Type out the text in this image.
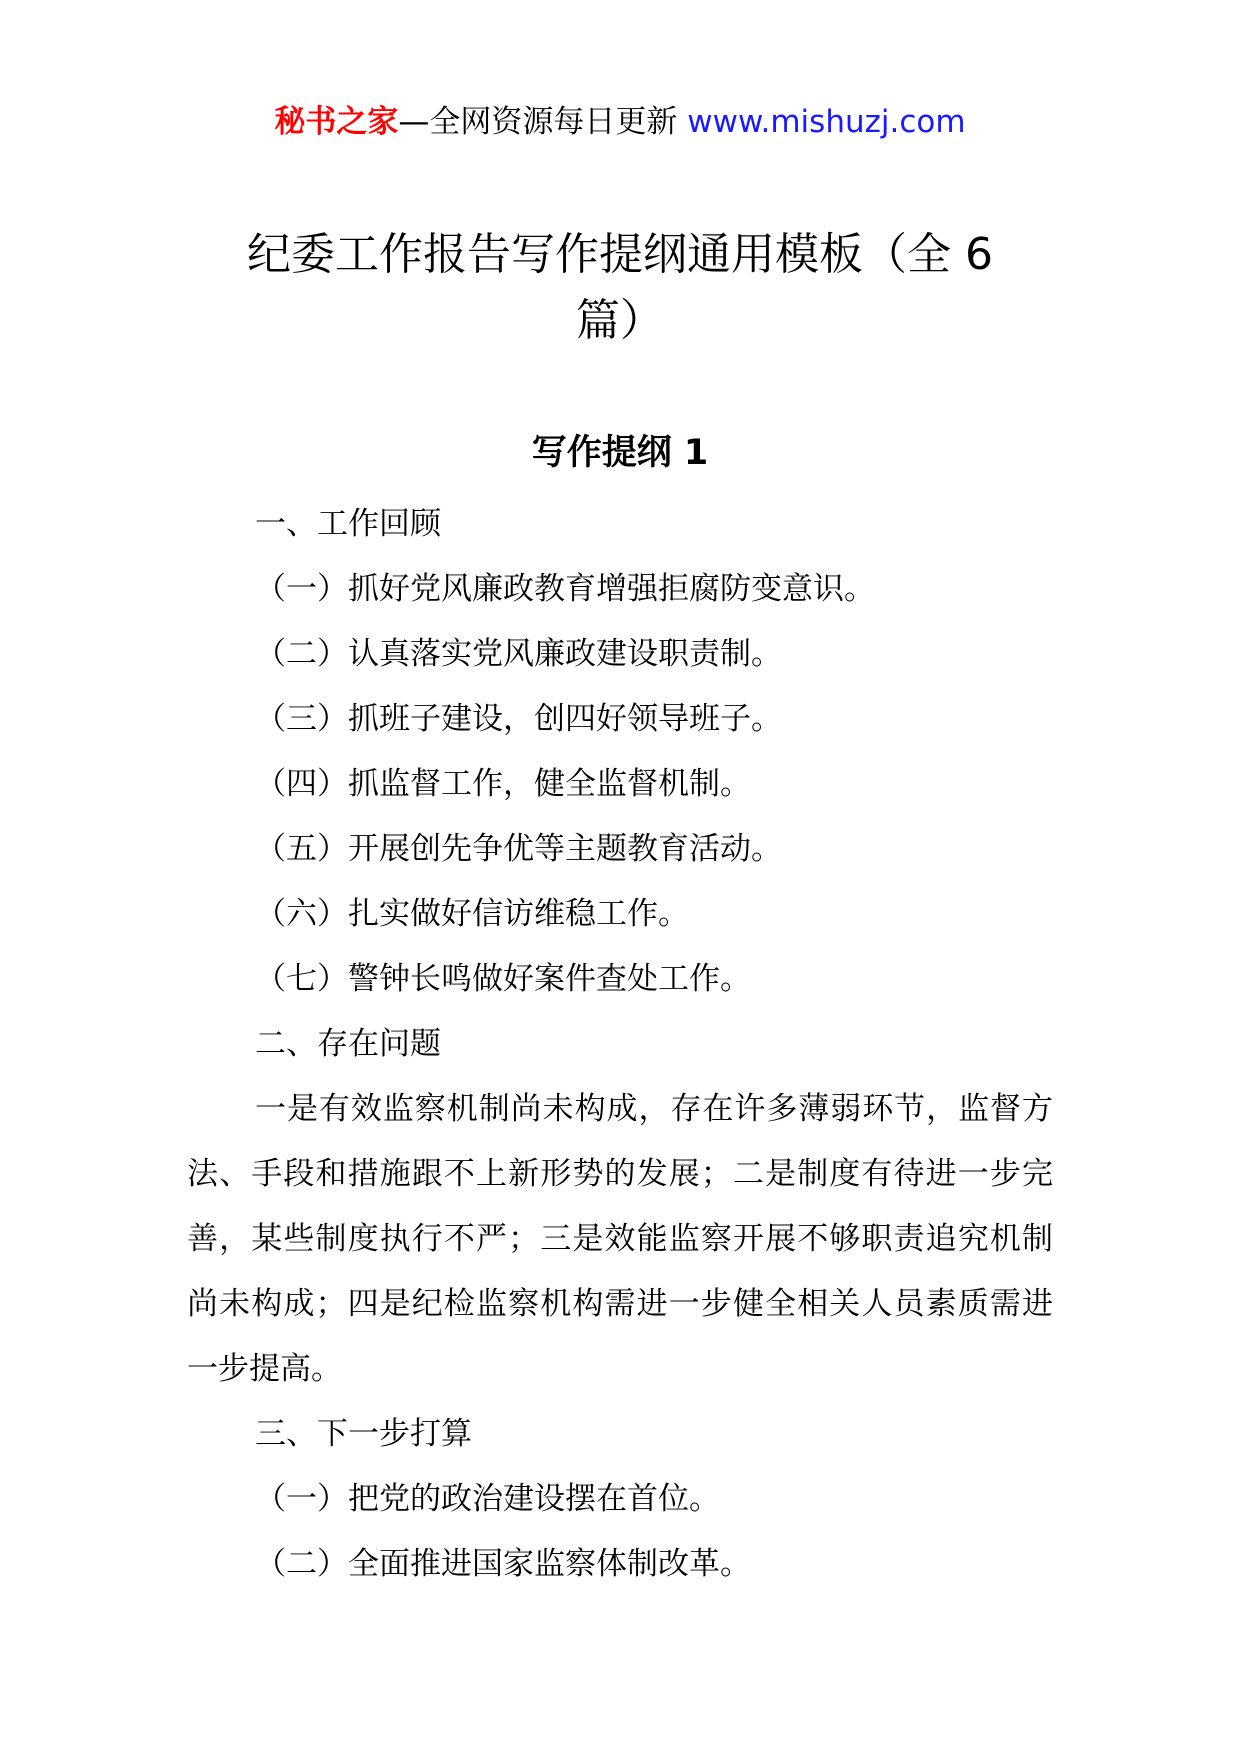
秘书之家—全网资源每日更新 www.mishuzj.com
纪委工作报告写作提纲通用模板（全 6
篇）
写作提纲 1

一、工作回顾

（一）抓好党风廉政教育增强拒腐防变意识。

（二）认真落实党风廉政建设职责制。

（三）抓班子建设，创四好领导班子。

（四）抓监督工作，健全监督机制。

（五）开展创先争优等主题教育活动。

（六）扎实做好信访维稳工作。

（七）警钟长鸣做好案件查处工作。

二、存在问题

一是有效监察机制尚未构成，存在许多薄弱环节，监督方法、手段和措施跟不上新形势的发展；二是制度有待进一步完善，某些制度执行不严；三是效能监察开展不够职责追究机制尚未构成；四是纪检监察机构需进一步健全相关人员素质需进一步提高。

三、下一步打算

（一）把党的政治建设摆在首位。

（二）全面推进国家监察体制改革。
